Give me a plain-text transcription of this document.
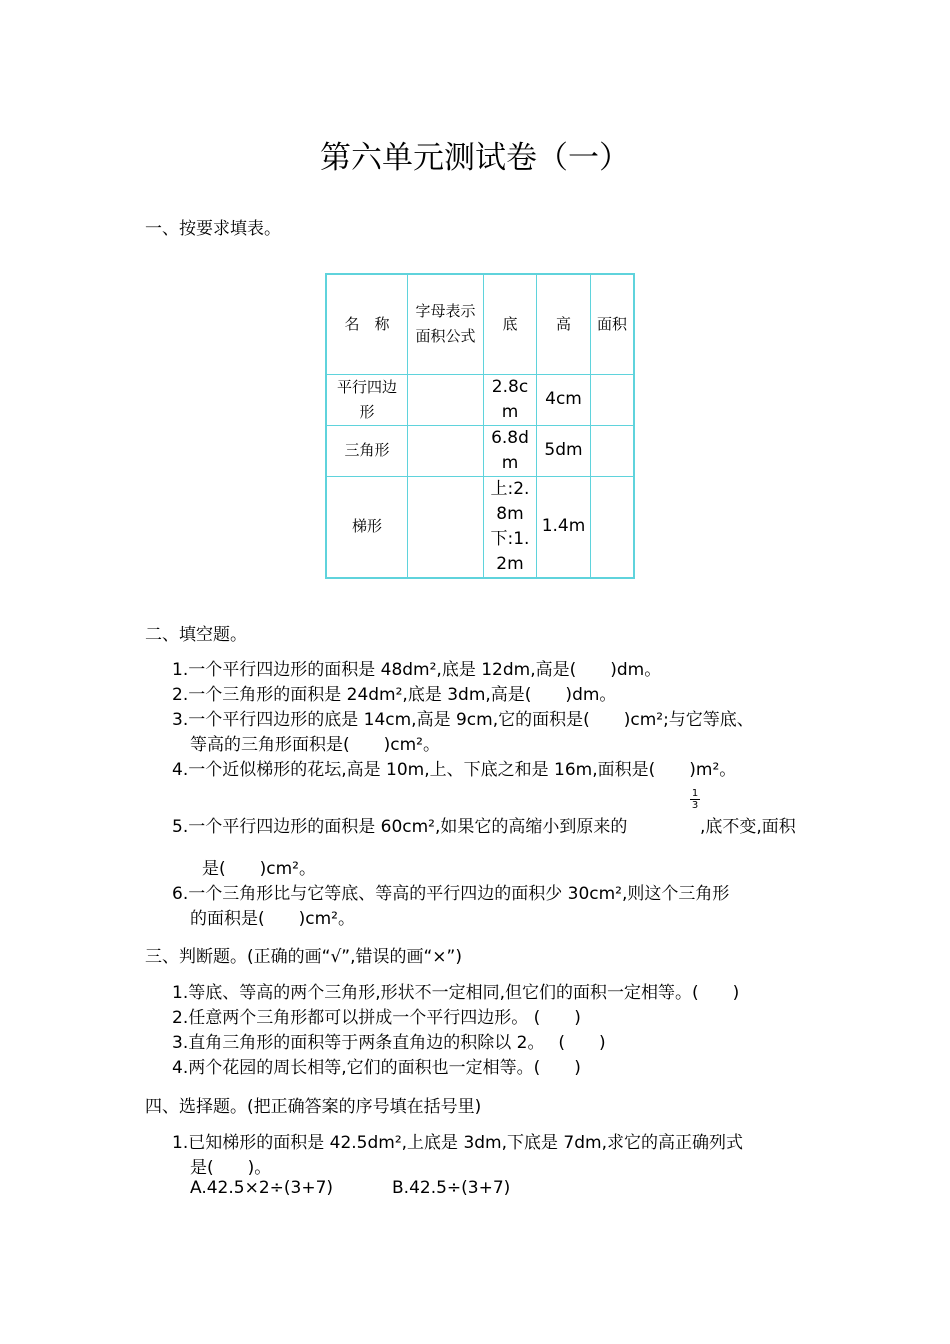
第六单元测试卷（一）
一、按要求填表。
名　称	字母表示面积公式	底	高	面积
平行四边形		2.8cm	4cm	
三角形		6.8dm	5dm	
梯形		上:2.8m下:1.2m	1.4m	
二、填空题。
1.一个平行四边形的面积是 48dm²,底是 12dm,高是(　　)dm。
2.一个三角形的面积是 24dm²,底是 3dm,高是(　　)dm。
3.一个平行四边形的底是 14cm,高是 9cm,它的面积是(　　)cm²;与它等底、
等高的三角形面积是(　　)cm²。
4.一个近似梯形的花坛,高是 10m,上、下底之和是 16m,面积是(　　)m²。
5.一个平行四边形的面积是 60cm²,如果它的高缩小到原来的
$\frac{1}{3}$
,底不变,面积
是(　　)cm²。
6.一个三角形比与它等底、等高的平行四边的面积少 30cm²,则这个三角形
的面积是(　　)cm²。
三、判断题。(正确的画“√”,错误的画“×”)
1.等底、等高的两个三角形,形状不一定相同,但它们的面积一定相等。(　　)
2.任意两个三角形都可以拼成一个平行四边形。 (　　)
3.直角三角形的面积等于两条直角边的积除以 2。　 (　　)
4.两个花园的周长相等,它们的面积也一定相等。(　　)
四、选择题。(把正确答案的序号填在括号里)
1.已知梯形的面积是 42.5dm²,上底是 3dm,下底是 7dm,求它的高正确列式
是(　　)。
A.42.5×2÷(3+7)	B.42.5÷(3+7)
